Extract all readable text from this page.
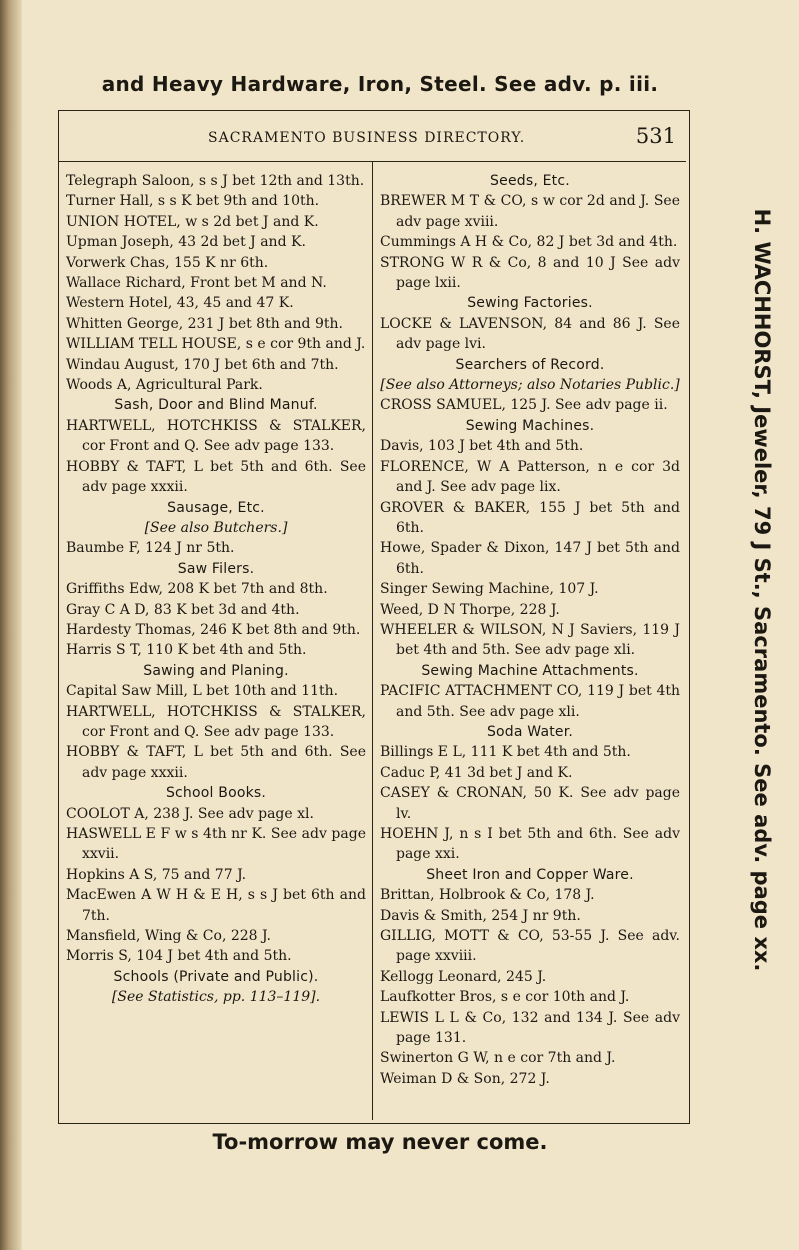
and Heavy Hardware, Iron, Steel. See adv. p. iii.
H. WACHHORST, Jeweler, 79 J St., Sacramento. See adv. page xx.
SACRAMENTO BUSINESS DIRECTORY.	531
Telegraph Saloon, s s J bet 12th and 13th.
Turner Hall, s s K bet 9th and 10th.
UNION HOTEL, w s 2d bet J and K.
Upman Joseph, 43 2d bet J and K.
Vorwerk Chas, 155 K nr 6th.
Wallace Richard, Front bet M and N.
Western Hotel, 43, 45 and 47 K.
Whitten George, 231 J bet 8th and 9th.
WILLIAM TELL HOUSE, s e cor 9th and J.
Windau August, 170 J bet 6th and 7th.
Woods A, Agricultural Park.
Sash, Door and Blind Manuf.
HARTWELL, HOTCHKISS & STALKER, cor Front and Q. See adv page 133.
HOBBY & TAFT, L bet 5th and 6th. See adv page xxxii.
Sausage, Etc.
[See also Butchers.]
Baumbe F, 124 J nr 5th.
Saw Filers.
Griffiths Edw, 208 K bet 7th and 8th.
Gray C A D, 83 K bet 3d and 4th.
Hardesty Thomas, 246 K bet 8th and 9th.
Harris S T, 110 K bet 4th and 5th.
Sawing and Planing.
Capital Saw Mill, L bet 10th and 11th.
HARTWELL, HOTCHKISS & STALKER, cor Front and Q. See adv page 133.
HOBBY & TAFT, L bet 5th and 6th. See adv page xxxii.
School Books.
COOLOT A, 238 J. See adv page xl.
HASWELL E F w s 4th nr K. See adv page xxvii.
Hopkins A S, 75 and 77 J.
MacEwen A W H & E H, s s J bet 6th and 7th.
Mansfield, Wing & Co, 228 J.
Morris S, 104 J bet 4th and 5th.
Schools (Private and Public).
[See Statistics, pp. 113–119].
Seeds, Etc.
BREWER M T & CO, s w cor 2d and J. See adv page xviii.
Cummings A H & Co, 82 J bet 3d and 4th.
STRONG W R & Co, 8 and 10 J See adv page lxii.
Sewing Factories.
LOCKE & LAVENSON, 84 and 86 J. See adv page lvi.
Searchers of Record.
[See also Attorneys; also Notaries Public.]
CROSS SAMUEL, 125 J. See adv page ii.
Sewing Machines.
Davis, 103 J bet 4th and 5th.
FLORENCE, W A Patterson, n e cor 3d and J. See adv page lix.
GROVER & BAKER, 155 J bet 5th and 6th.
Howe, Spader & Dixon, 147 J bet 5th and 6th.
Singer Sewing Machine, 107 J.
Weed, D N Thorpe, 228 J.
WHEELER & WILSON, N J Saviers, 119 J bet 4th and 5th. See adv page xli.
Sewing Machine Attachments.
PACIFIC ATTACHMENT CO, 119 J bet 4th and 5th. See adv page xli.
Soda Water.
Billings E L, 111 K bet 4th and 5th.
Caduc P, 41 3d bet J and K.
CASEY & CRONAN, 50 K. See adv page lv.
HOEHN J, n s I bet 5th and 6th. See adv page xxi.
Sheet Iron and Copper Ware.
Brittan, Holbrook & Co, 178 J.
Davis & Smith, 254 J nr 9th.
GILLIG, MOTT & CO, 53-55 J. See adv. page xxviii.
Kellogg Leonard, 245 J.
Laufkotter Bros, s e cor 10th and J.
LEWIS L L & Co, 132 and 134 J. See adv page 131.
Swinerton G W, n e cor 7th and J.
Weiman D & Son, 272 J.
To-morrow may never come.
